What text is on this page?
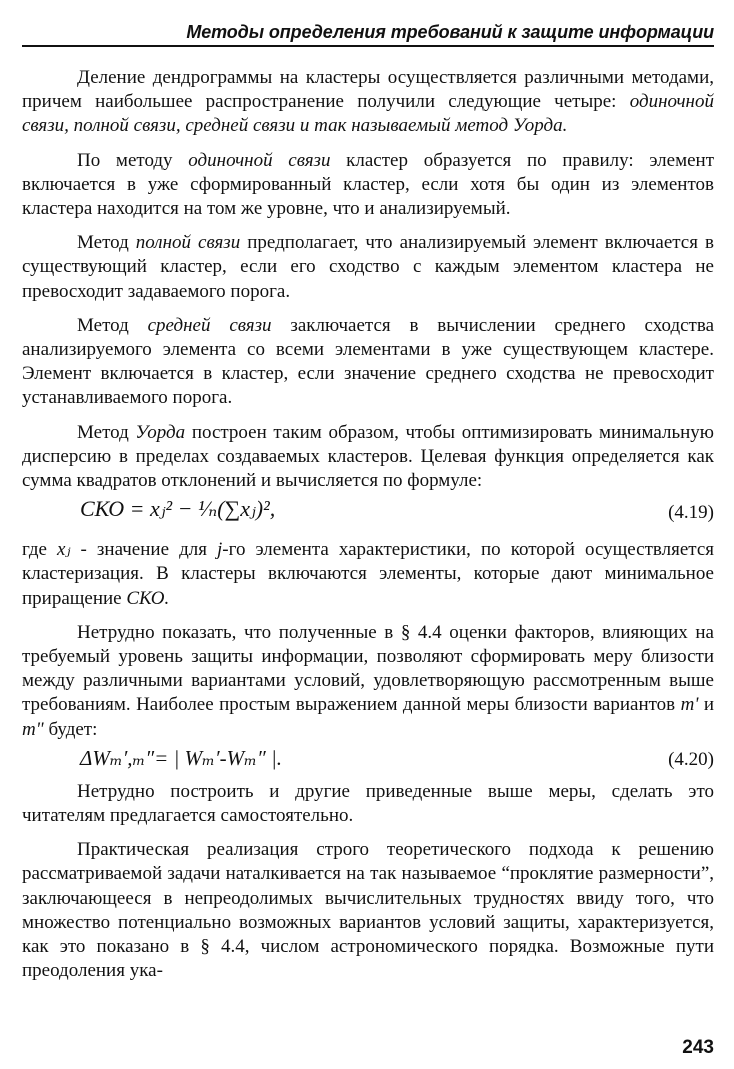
Методы определения требований к защите информации

Деление дендрограммы на кластеры осуществляется различными методами, причем наибольшее распространение получили следующие четыре: одиночной связи, полной связи, средней связи и так называемый метод Уорда.

По методу одиночной связи кластер образуется по правилу: элемент включается в уже сформированный кластер, если хотя бы один из элементов кластера находится на том же уровне, что и анализируемый.

Метод полной связи предполагает, что анализируемый элемент включается в существующий кластер, если его сходство с каждым элементом кластера не превосходит задаваемого порога.

Метод средней связи заключается в вычислении среднего сходства анализируемого элемента со всеми элементами в уже существующем кластере. Элемент включается в кластер, если значение среднего сходства не превосходит устанавливаемого порога.

Метод Уорда построен таким образом, чтобы оптимизировать минимальную дисперсию в пределах создаваемых кластеров. Целевая функция определяется как сумма квадратов отклонений и вычисляется по формуле:

СКО = xⱼ² − ¹⁄ₙ(∑xⱼ)²,	(4.19)

где xⱼ - значение для j-го элемента характеристики, по которой осуществляется кластеризация. В кластеры включаются элементы, которые дают минимальное приращение СКО.

Нетрудно показать, что полученные в § 4.4 оценки факторов, влияющих на требуемый уровень защиты информации, позволяют сформировать меру близости между различными вариантами условий, удовлетворяющую рассмотренным выше требованиям. Наиболее простым выражением данной меры близости вариантов m' и m" будет:

ΔWₘ′,ₘ″= | Wₘ′-Wₘ″ |.	(4.20)

Нетрудно построить и другие приведенные выше меры, сделать это читателям предлагается самостоятельно.

Практическая реализация строго теоретического подхода к решению рассматриваемой задачи наталкивается на так называемое “проклятие размерности”, заключающееся в непреодолимых вычислительных трудностях ввиду того, что множество потенциально возможных вариантов условий защиты, характеризуется, как это показано в § 4.4, числом астрономического порядка. Возможные пути преодоления ука-

243
